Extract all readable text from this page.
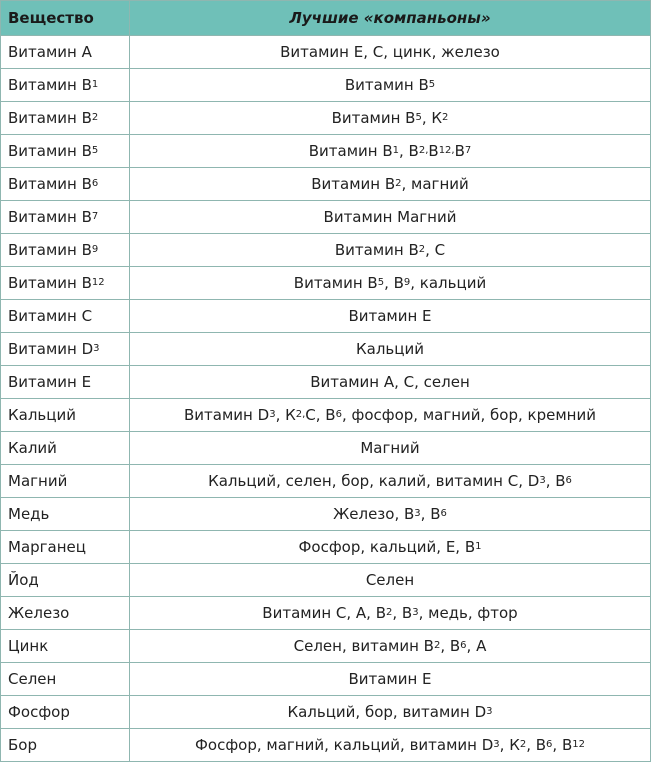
Вещество	Лучшие «компаньоны»
Витамин A	Витамин Е, С, цинк, железо
Витамин B 1	Витамин B 5
Витамин B 2	Витамин B 5 , К 2
Витамин B 5	Витамин B 1 , B 2, B 12, B 7
Витамин B 6	Витамин B 2 , магний
Витамин B 7	Витамин Магний
Витамин B 9	Витамин B 2 , С
Витамин B 12	Витамин B 5 , B 9 , кальций
Витамин С	Витамин Е
Витамин D 3	Кальций
Витамин Е	Витамин А, С, селен
Кальций	Витамин D 3 , К 2, С, B 6 , фосфор, магний, бор, кремний
Калий	Магний
Магний	Кальций, селен, бор, калий, витамин С, D 3 , B 6
Медь	Железо, B 3 , B 6
Марганец	Фосфор, кальций, Е, B 1
Йод	Селен
Железо	Витамин С, А, B 2 , B 3 , медь, фтор
Цинк	Селен, витамин B 2 , B 6 , А
Селен	Витамин Е
Фосфор	Кальций, бор, витамин D 3
Бор	Фосфор, магний, кальций, витамин D 3 , К 2 , B 6 , B 12
